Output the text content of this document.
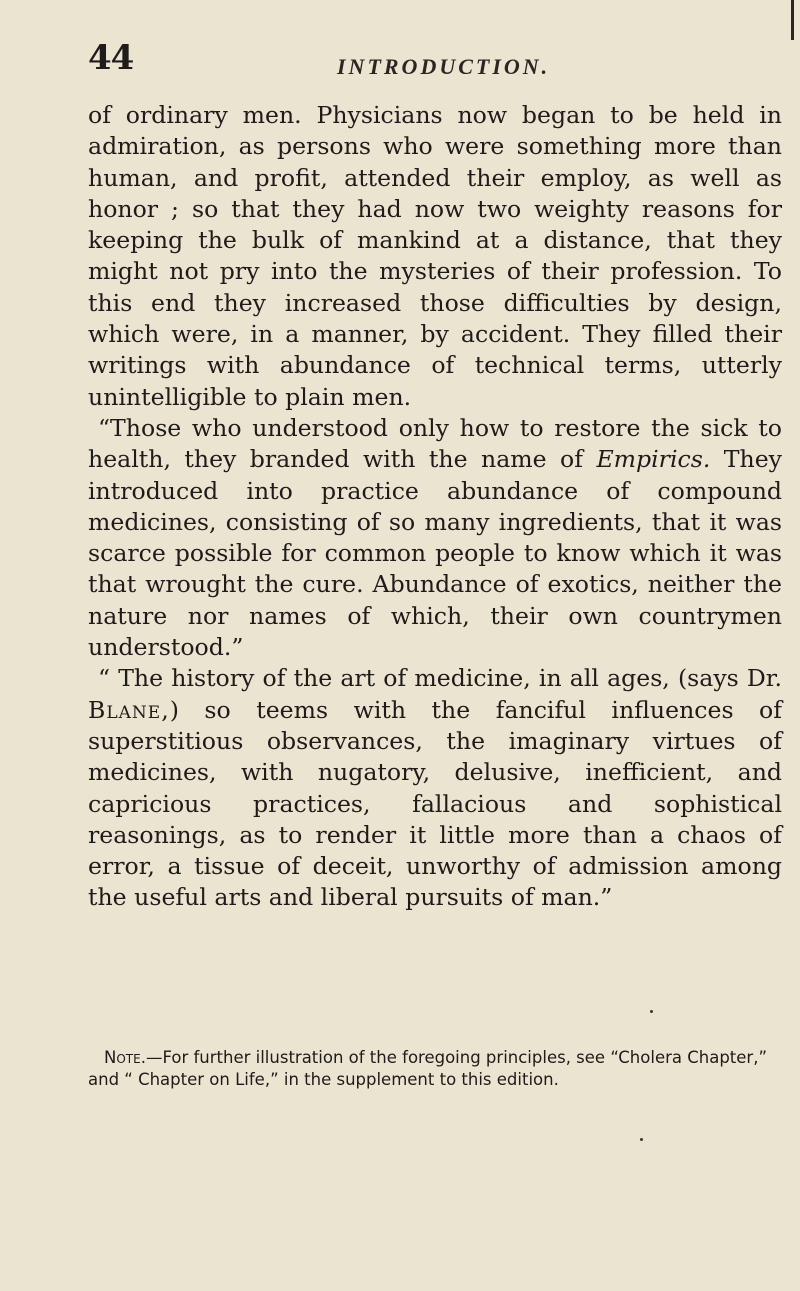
44	INTRODUCTION.

of ordinary men. Physicians now began to be held in admiration, as persons who were something more than human, and profit, attended their employ, as well as honor ; so that they had now two weighty reasons for keeping the bulk of mankind at a distance, that they might not pry into the mysteries of their profession. To this end they increased those difficulties by design, which were, in a manner, by accident. They filled their writings with abundance of technical terms, utterly unintelligible to plain men.

“Those who understood only how to restore the sick to health, they branded with the name of Empirics. They introduced into practice abundance of compound medicines, consisting of so many ingredients, that it was scarce possible for common people to know which it was that wrought the cure. Abundance of exotics, neither the nature nor names of which, their own countrymen understood.”

“ The history of the art of medicine, in all ages, (says Dr. Blane,) so teems with the fanciful influences of superstitious observances, the imaginary virtues of medicines, with nugatory, delusive, inefficient, and capricious practices, fallacious and sophistical reasonings, as to render it little more than a chaos of error, a tissue of deceit, unworthy of admission among the useful arts and liberal pursuits of man.”

Note.—For further illustration of the foregoing principles, see “Cholera Chapter,” and “ Chapter on Life,” in the supplement to this edition.
